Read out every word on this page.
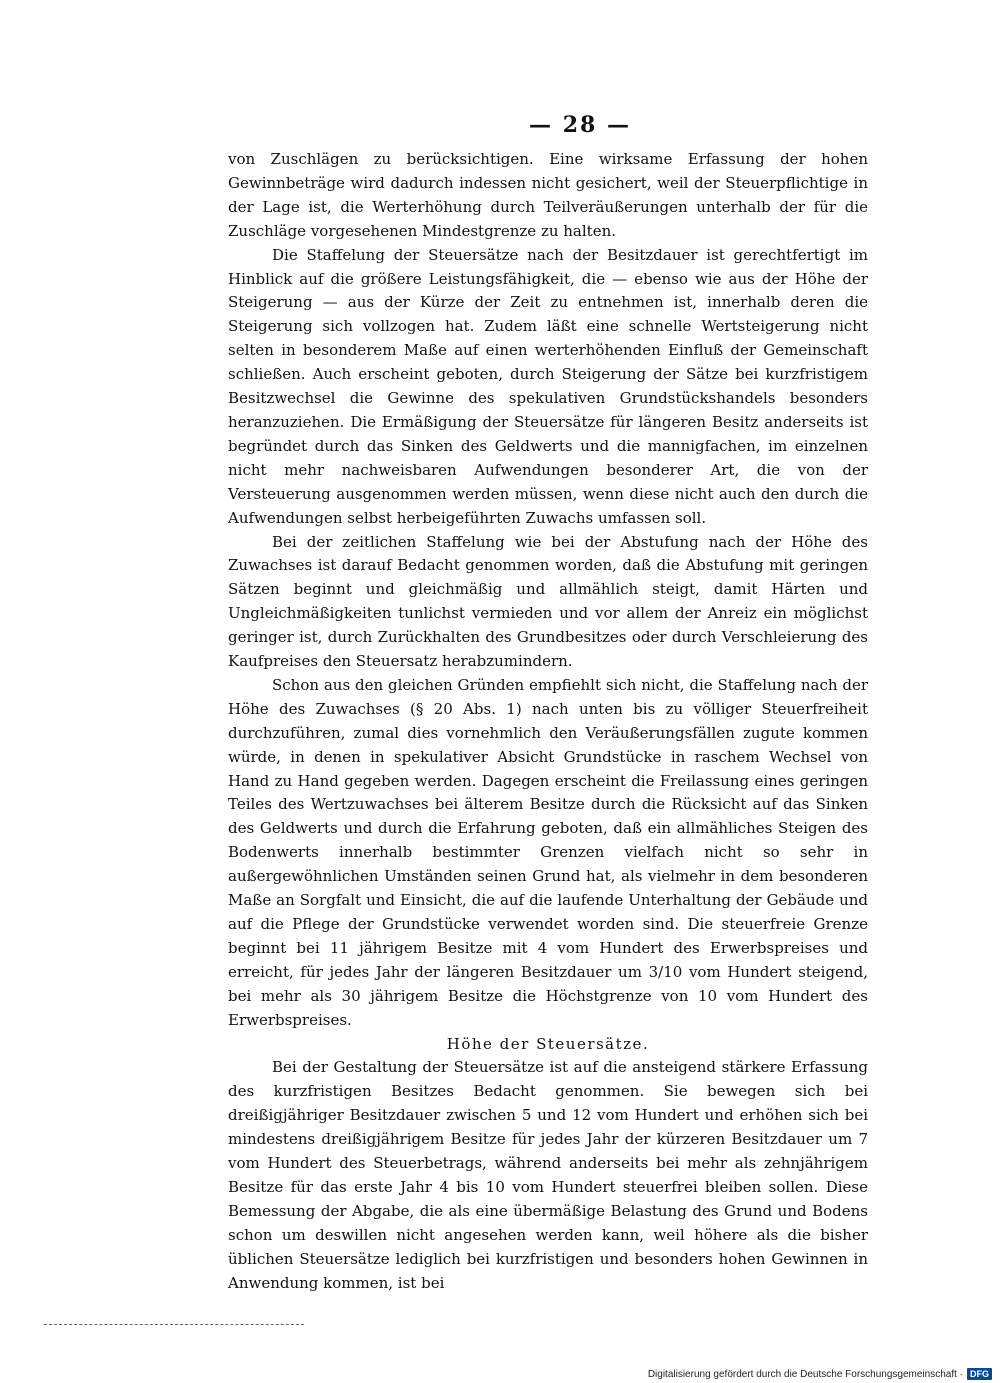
— 28 —

von Zuschlägen zu berücksichtigen. Eine wirksame Erfassung der hohen Gewinnbeträge wird dadurch indessen nicht gesichert, weil der Steuerpflichtige in der Lage ist, die Werterhöhung durch Teilveräußerungen unterhalb der für die Zuschläge vorgesehenen Mindestgrenze zu halten.

Die Staffelung der Steuersätze nach der Besitzdauer ist gerechtfertigt im Hinblick auf die größere Leistungsfähigkeit, die — ebenso wie aus der Höhe der Steigerung — aus der Kürze der Zeit zu entnehmen ist, innerhalb deren die Steigerung sich vollzogen hat. Zudem läßt eine schnelle Wertsteigerung nicht selten in besonderem Maße auf einen werterhöhenden Einfluß der Gemeinschaft schließen. Auch erscheint geboten, durch Steigerung der Sätze bei kurzfristigem Besitzwechsel die Gewinne des spekulativen Grundstückshandels besonders heranzuziehen. Die Ermäßigung der Steuersätze für längeren Besitz anderseits ist begründet durch das Sinken des Geldwerts und die mannigfachen, im einzelnen nicht mehr nachweisbaren Aufwendungen besonderer Art, die von der Versteuerung ausgenommen werden müssen, wenn diese nicht auch den durch die Aufwendungen selbst herbeigeführten Zuwachs umfassen soll.

Bei der zeitlichen Staffelung wie bei der Abstufung nach der Höhe des Zuwachses ist darauf Bedacht genommen worden, daß die Abstufung mit geringen Sätzen beginnt und gleichmäßig und allmählich steigt, damit Härten und Ungleichmäßigkeiten tunlichst vermieden und vor allem der Anreiz ein möglichst geringer ist, durch Zurückhalten des Grundbesitzes oder durch Verschleierung des Kaufpreises den Steuersatz herabzumindern.

Schon aus den gleichen Gründen empfiehlt sich nicht, die Staffelung nach der Höhe des Zuwachses (§ 20 Abs. 1) nach unten bis zu völliger Steuerfreiheit durchzuführen, zumal dies vornehmlich den Veräußerungsfällen zugute kommen würde, in denen in spekulativer Absicht Grundstücke in raschem Wechsel von Hand zu Hand gegeben werden. Dagegen erscheint die Freilassung eines geringen Teiles des Wertzuwachses bei älterem Besitze durch die Rücksicht auf das Sinken des Geldwerts und durch die Erfahrung geboten, daß ein allmähliches Steigen des Bodenwerts innerhalb bestimmter Grenzen vielfach nicht so sehr in außergewöhnlichen Umständen seinen Grund hat, als vielmehr in dem besonderen Maße an Sorgfalt und Einsicht, die auf die laufende Unterhaltung der Gebäude und auf die Pflege der Grundstücke verwendet worden sind. Die steuerfreie Grenze beginnt bei 11 jährigem Besitze mit 4 vom Hundert des Erwerbspreises und erreicht, für jedes Jahr der längeren Besitzdauer um 3/10 vom Hundert steigend, bei mehr als 30 jährigem Besitze die Höchstgrenze von 10 vom Hundert des Erwerbspreises.

Höhe der Steuersätze.

Bei der Gestaltung der Steuersätze ist auf die ansteigend stärkere Erfassung des kurzfristigen Besitzes Bedacht genommen. Sie bewegen sich bei dreißigjähriger Besitzdauer zwischen 5 und 12 vom Hundert und erhöhen sich bei mindestens dreißigjährigem Besitze für jedes Jahr der kürzeren Besitzdauer um 7 vom Hundert des Steuerbetrags, während anderseits bei mehr als zehnjährigem Besitze für das erste Jahr 4 bis 10 vom Hundert steuerfrei bleiben sollen. Diese Bemessung der Abgabe, die als eine übermäßige Belastung des Grund und Bodens schon um deswillen nicht angesehen werden kann, weil höhere als die bisher üblichen Steuersätze lediglich bei kurzfristigen und besonders hohen Gewinnen in Anwendung kommen, ist bei

Digitalisierung gefördert durch die Deutsche Forschungsgemeinschaft · DFG
